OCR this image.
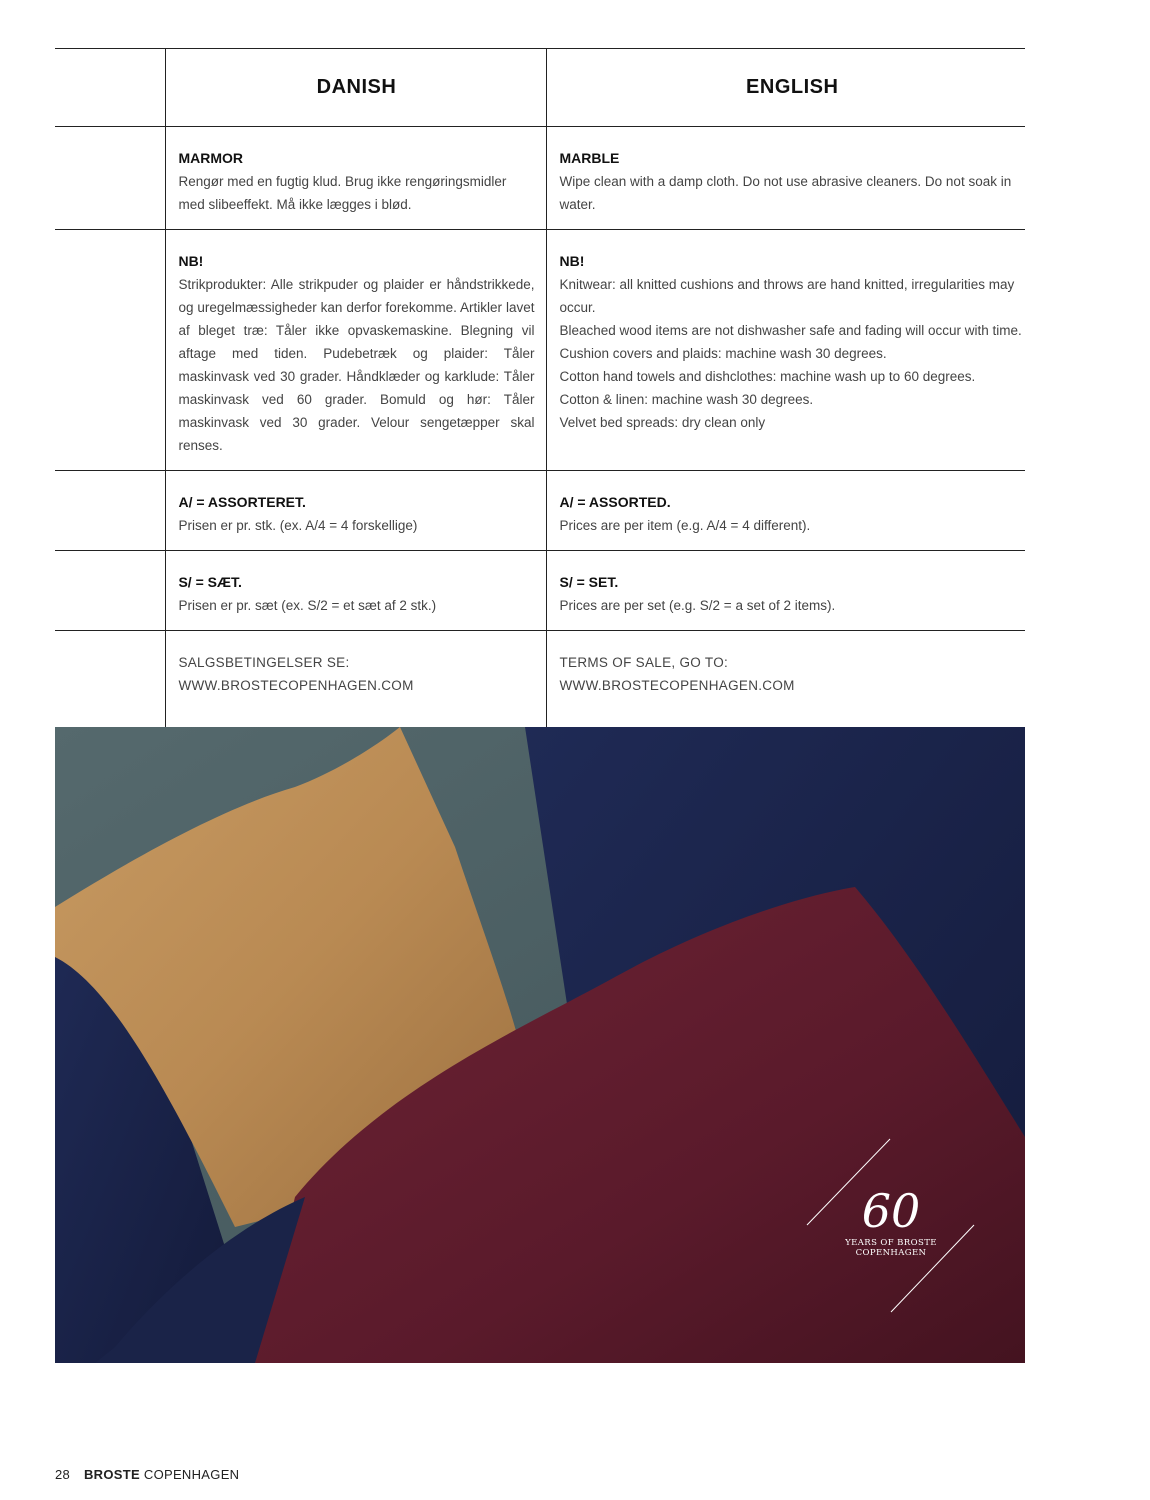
DANISH	ENGLISH
MARMOR
Rengør med en fugtig klud. Brug ikke rengøringsmidler med slibeeffekt. Må ikke lægges i blød.
MARBLE
Wipe clean with a damp cloth. Do not use abrasive cleaners. Do not soak in water.
NB!
Strikprodukter: Alle strikpuder og plaider er håndstrikkede, og uregelmæssigheder kan derfor forekomme. Artikler lavet af bleget træ: Tåler ikke opvaskemaskine. Blegning vil aftage med tiden. Pudebetræk og plaider: Tåler maskinvask ved 30 grader. Håndklæder og karklude: Tåler maskinvask ved 60 grader. Bomuld og hør: Tåler maskinvask ved 30 grader. Velour sengetæpper skal renses.
NB!

Knitwear: all knitted cushions and throws are hand knitted, irregularities may occur.

Bleached wood items are not dishwasher safe and fading will occur with time.

Cushion covers and plaids: machine wash 30 degrees.

Cotton hand towels and dishclothes: machine wash up to 60 degrees.

Cotton & linen: machine wash 30 degrees.

Velvet bed spreads: dry clean only

A/ = ASSORTERET.
Prisen er pr. stk. (ex. A/4 = 4 forskellige)
A/ = ASSORTED.
Prices are per item (e.g. A/4 = 4 different).
S/ = SÆT.
Prisen er pr. sæt (ex. S/2 = et sæt af 2 stk.)
S/ = SET.
Prices are per set (e.g. S/2 = a set of 2 items).
SALGSBETINGELSER SE:
WWW.BROSTECOPENHAGEN.COM
TERMS OF SALE, GO TO:
WWW.BROSTECOPENHAGEN.COM
60
YEARS OF BROSTE
COPENHAGEN
28 BROSTE COPENHAGEN
